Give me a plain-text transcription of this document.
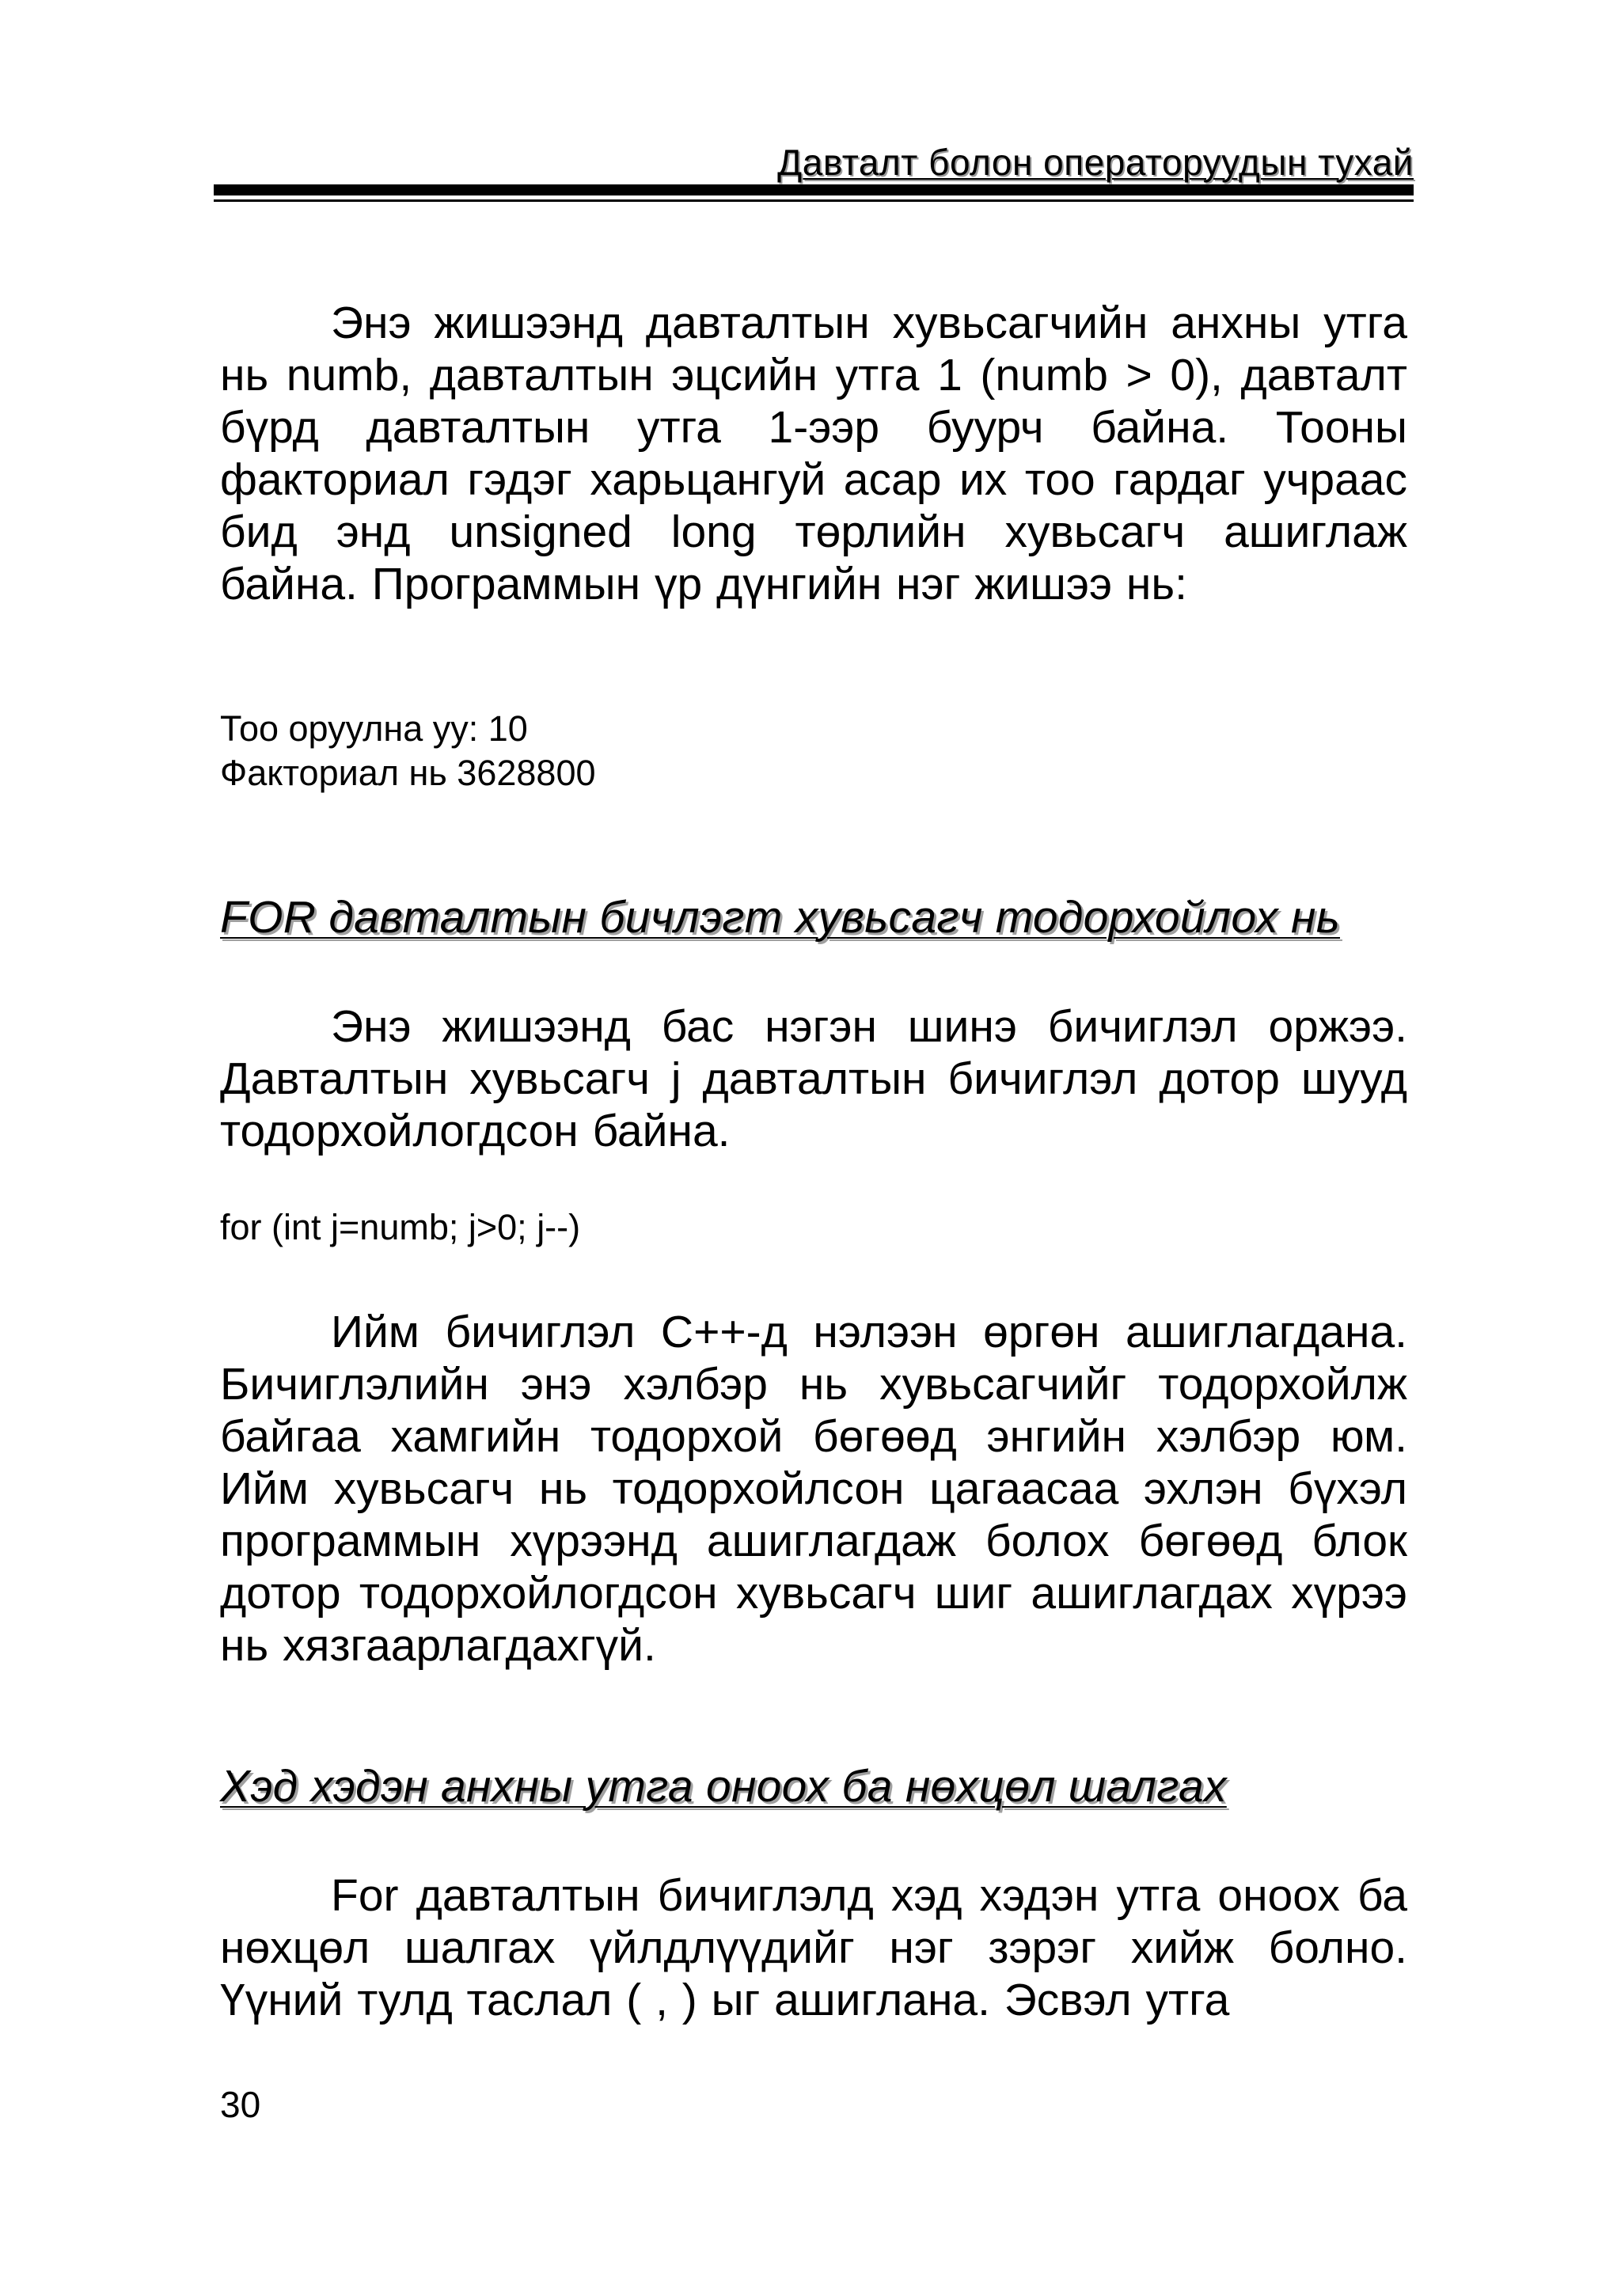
Давталт болон операторуудын тухай

Энэ жишээнд давталтын хувьсагчийн анхны утга нь numb, давталтын эцсийн утга 1 (numb > 0), давталт бүрд давталтын утга 1-ээр буурч байна. Тооны факториал гэдэг харьцангуй асар их тоо гардаг учраас бид энд unsigned long төрлийн хувьсагч ашиглаж байна. Программын үр дүнгийн нэг жишээ нь:

Тоо оруулна уу: 10
Факториал нь 3628800
FOR давталтын бичлэгт хувьсагч тодорхойлох нь

Энэ жишээнд бас нэгэн шинэ бичиглэл оржээ. Давталтын хувьсагч j давталтын бичиглэл дотор шууд тодорхойлогдсон байна.

for (int j=numb; j>0; j--)

Ийм бичиглэл C++-д нэлээн өргөн ашиглагдана. Бичиглэлийн энэ хэлбэр нь хувьсагчийг тодорхойлж байгаа хамгийн тодорхой бөгөөд энгийн хэлбэр юм. Ийм хувьсагч нь тодорхойлсон цагаасаа эхлэн бүхэл программын хүрээнд ашиглагдаж болох бөгөөд блок дотор тодорхойлогдсон хувьсагч шиг ашиглагдах хүрээ нь хязгаарлагдахгүй.

Хэд хэдэн анхны утга оноох ба нөхцөл шалгах

For давталтын бичиглэлд хэд хэдэн утга оноох ба нөхцөл шалгах үйлдлүүдийг нэг зэрэг хийж болно. Үүний тулд таслал ( , ) ыг ашиглана. Эсвэл утга

30
